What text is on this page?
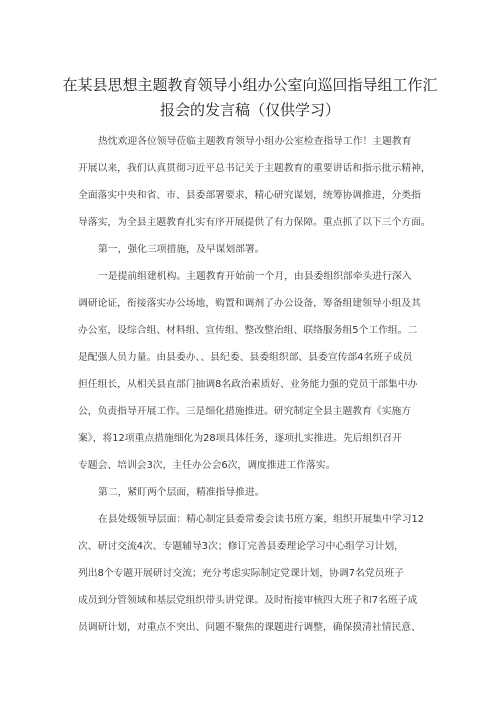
在某县思想主题教育领导小组办公室向巡回指导组工作汇
报会的发言稿（仅供学习）
热忱欢迎各位领导莅临主题教育领导小组办公室检查指导工作！主题教育
开展以来，我们认真贯彻习近平总书记关于主题教育的重要讲话和指示批示精神，
全面落实中央和省、市、县委部署要求，精心研究谋划，统筹协调推进，分类指
导落实，为全县主题教育扎实有序开展提供了有力保障。重点抓了以下三个方面。
第一，强化三项措施，及早谋划部署。
一是提前组建机构。主题教育开始前一个月，由县委组织部牵头进行深入
调研论证，衔接落实办公场地，购置和调剂了办公设备，筹备组建领导小组及其
办公室，设综合组、材料组、宣传组、整改整治组、联络服务组5个工作组。二
是配强人员力量。由县委办、、县纪委、县委组织部、县委宣传部4名班子成员
担任组长，从相关县直部门抽调8名政治素质好、业务能力强的党员干部集中办
公，负责指导开展工作。三是细化措施推进。研究制定全县主题教育《实施方
案》，将12项重点措施细化为28项具体任务，逐项扎实推进。先后组织召开
专题会、培训会3次，主任办公会6次，调度推进工作落实。
第二，紧盯两个层面，精准指导推进。
在县处级领导层面：精心制定县委常委会读书班方案，组织开展集中学习12
次、研讨交流4次、专题辅导3次；修订完善县委理论学习中心组学习计划，
列出8个专题开展研讨交流；充分考虑实际制定党课计划，协调7名党员班子
成员到分管领域和基层党组织带头讲党课。及时衔接审核四大班子和7名班子成
员调研计划，对重点不突出、问题不聚焦的课题进行调整，确保摸清社情民意、
